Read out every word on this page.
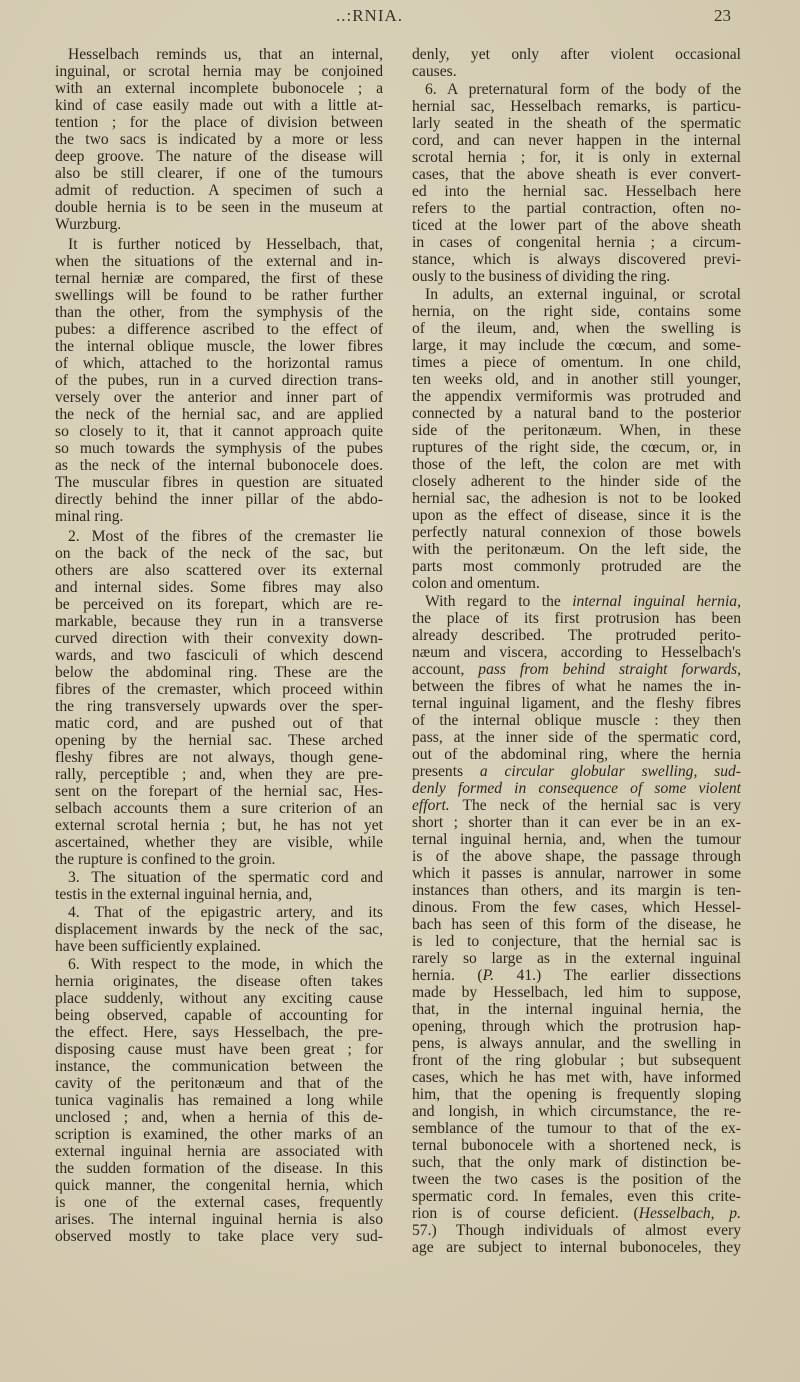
..:RNIA.	23
Hesselbach reminds us, that an internal,
inguinal, or scrotal hernia may be conjoined
with an external incomplete bubonocele ; a
kind of case easily made out with a little at-
tention ; for the place of division between
the two sacs is indicated by a more or less
deep groove. The nature of the disease will
also be still clearer, if one of the tumours
admit of reduction. A specimen of such a
double hernia is to be seen in the museum at
Wurzburg.
It is further noticed by Hesselbach, that,
when the situations of the external and in-
ternal herniæ are compared, the first of these
swellings will be found to be rather further
than the other, from the symphysis of the
pubes: a difference ascribed to the effect of
the internal oblique muscle, the lower fibres
of which, attached to the horizontal ramus
of the pubes, run in a curved direction trans-
versely over the anterior and inner part of
the neck of the hernial sac, and are applied
so closely to it, that it cannot approach quite
so much towards the symphysis of the pubes
as the neck of the internal bubonocele does.
The muscular fibres in question are situated
directly behind the inner pillar of the abdo-
minal ring.
2. Most of the fibres of the cremaster lie
on the back of the neck of the sac, but
others are also scattered over its external
and internal sides. Some fibres may also
be perceived on its forepart, which are re-
markable, because they run in a transverse
curved direction with their convexity down-
wards, and two fasciculi of which descend
below the abdominal ring. These are the
fibres of the cremaster, which proceed within
the ring transversely upwards over the sper-
matic cord, and are pushed out of that
opening by the hernial sac. These arched
fleshy fibres are not always, though gene-
rally, perceptible ; and, when they are pre-
sent on the forepart of the hernial sac, Hes-
selbach accounts them a sure criterion of an
external scrotal hernia ; but, he has not yet
ascertained, whether they are visible, while
the rupture is confined to the groin.
3. The situation of the spermatic cord and
testis in the external inguinal hernia, and,
4. That of the epigastric artery, and its
displacement inwards by the neck of the sac,
have been sufficiently explained.
6. With respect to the mode, in which the
hernia originates, the disease often takes
place suddenly, without any exciting cause
being observed, capable of accounting for
the effect. Here, says Hesselbach, the pre-
disposing cause must have been great ; for
instance, the communication between the
cavity of the peritonæum and that of the
tunica vaginalis has remained a long while
unclosed ; and, when a hernia of this de-
scription is examined, the other marks of an
external inguinal hernia are associated with
the sudden formation of the disease. In this
quick manner, the congenital hernia, which
is one of the external cases, frequently
arises. The internal inguinal hernia is also
observed mostly to take place very sud-
denly, yet only after violent occasional
causes.
6. A preternatural form of the body of the
hernial sac, Hesselbach remarks, is particu-
larly seated in the sheath of the spermatic
cord, and can never happen in the internal
scrotal hernia ; for, it is only in external
cases, that the above sheath is ever convert-
ed into the hernial sac. Hesselbach here
refers to the partial contraction, often no-
ticed at the lower part of the above sheath
in cases of congenital hernia ; a circum-
stance, which is always discovered previ-
ously to the business of dividing the ring.
In adults, an external inguinal, or scrotal
hernia, on the right side, contains some
of the ileum, and, when the swelling is
large, it may include the cœcum, and some-
times a piece of omentum. In one child,
ten weeks old, and in another still younger,
the appendix vermiformis was protruded and
connected by a natural band to the posterior
side of the peritonæum. When, in these
ruptures of the right side, the cœcum, or, in
those of the left, the colon are met with
closely adherent to the hinder side of the
hernial sac, the adhesion is not to be looked
upon as the effect of disease, since it is the
perfectly natural connexion of those bowels
with the peritonæum. On the left side, the
parts most commonly protruded are the
colon and omentum.
With regard to the internal inguinal hernia,
the place of its first protrusion has been
already described. The protruded perito-
næum and viscera, according to Hesselbach's
account, pass from behind straight forwards,
between the fibres of what he names the in-
ternal inguinal ligament, and the fleshy fibres
of the internal oblique muscle : they then
pass, at the inner side of the spermatic cord,
out of the abdominal ring, where the hernia
presents a circular globular swelling, sud-
denly formed in consequence of some violent
effort. The neck of the hernial sac is very
short ; shorter than it can ever be in an ex-
ternal inguinal hernia, and, when the tumour
is of the above shape, the passage through
which it passes is annular, narrower in some
instances than others, and its margin is ten-
dinous. From the few cases, which Hessel-
bach has seen of this form of the disease, he
is led to conjecture, that the hernial sac is
rarely so large as in the external inguinal
hernia. (P. 41.) The earlier dissections
made by Hesselbach, led him to suppose,
that, in the internal inguinal hernia, the
opening, through which the protrusion hap-
pens, is always annular, and the swelling in
front of the ring globular ; but subsequent
cases, which he has met with, have informed
him, that the opening is frequently sloping
and longish, in which circumstance, the re-
semblance of the tumour to that of the ex-
ternal bubonocele with a shortened neck, is
such, that the only mark of distinction be-
tween the two cases is the position of the
spermatic cord. In females, even this crite-
rion is of course deficient. (Hesselbach, p.
57.) Though individuals of almost every
age are subject to internal bubonoceles, they
